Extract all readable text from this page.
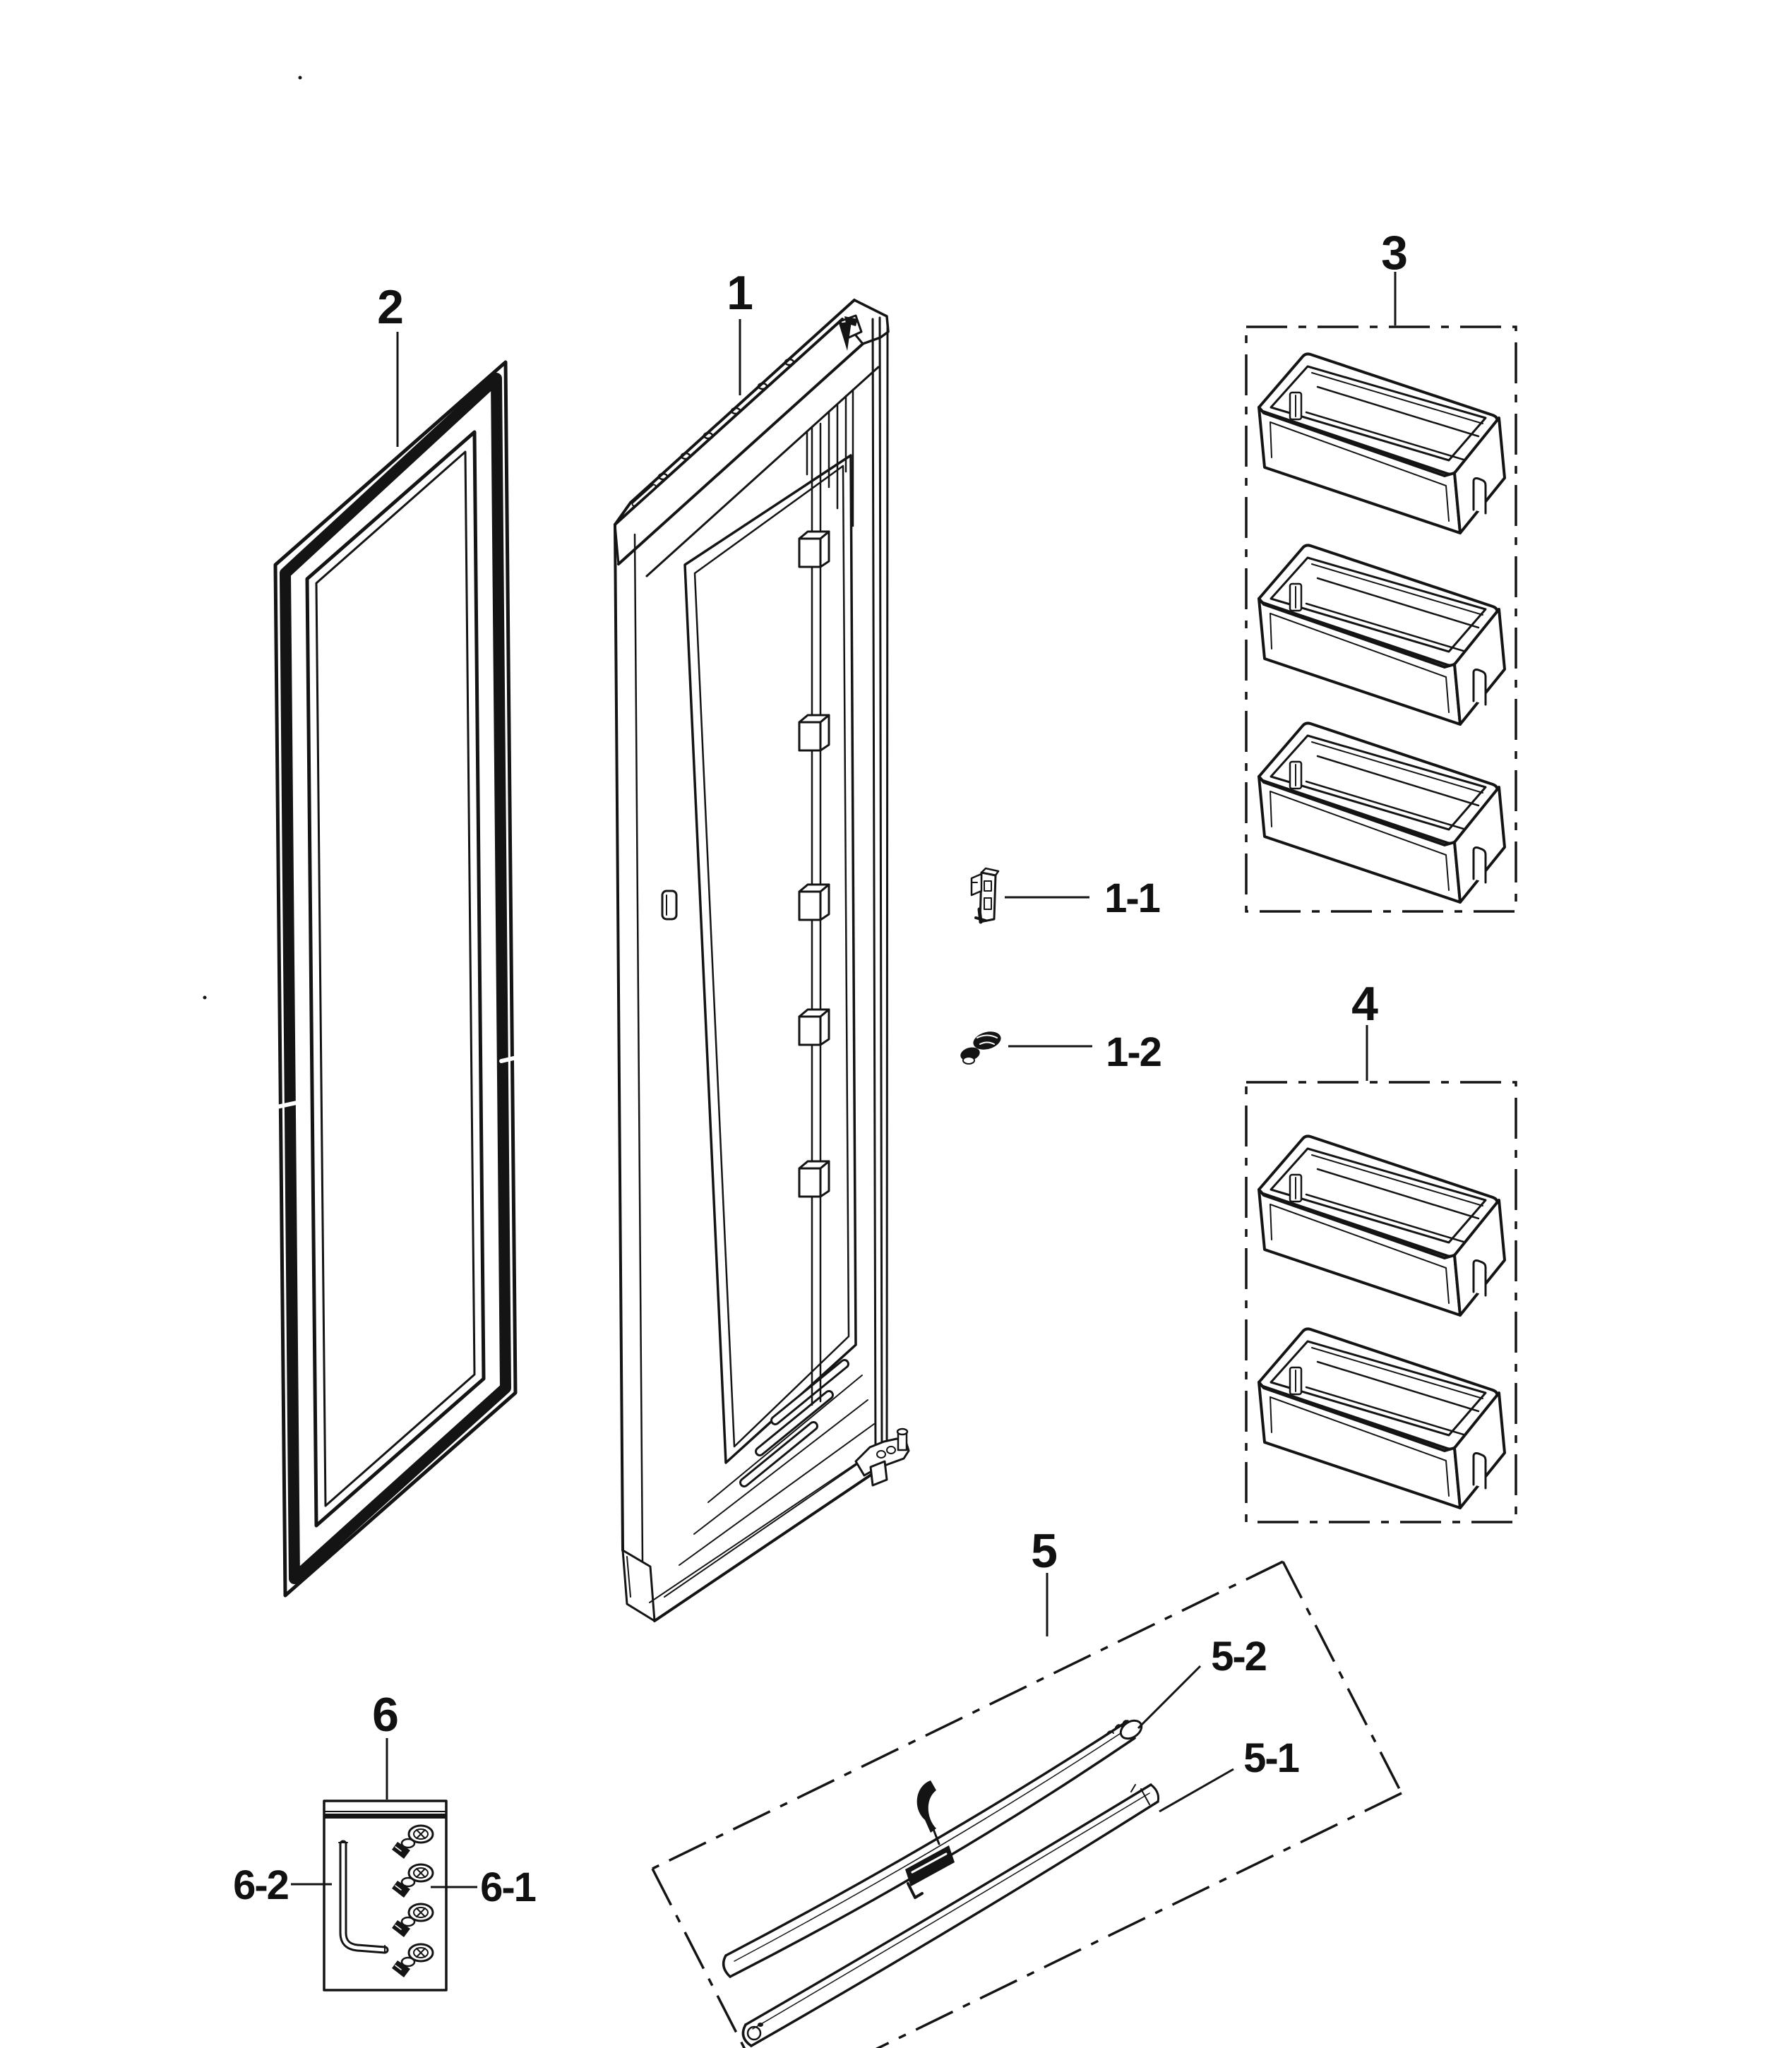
2	1
3
1-1
1-2
4
5
5-2
5-1
6
6-2	6-1
